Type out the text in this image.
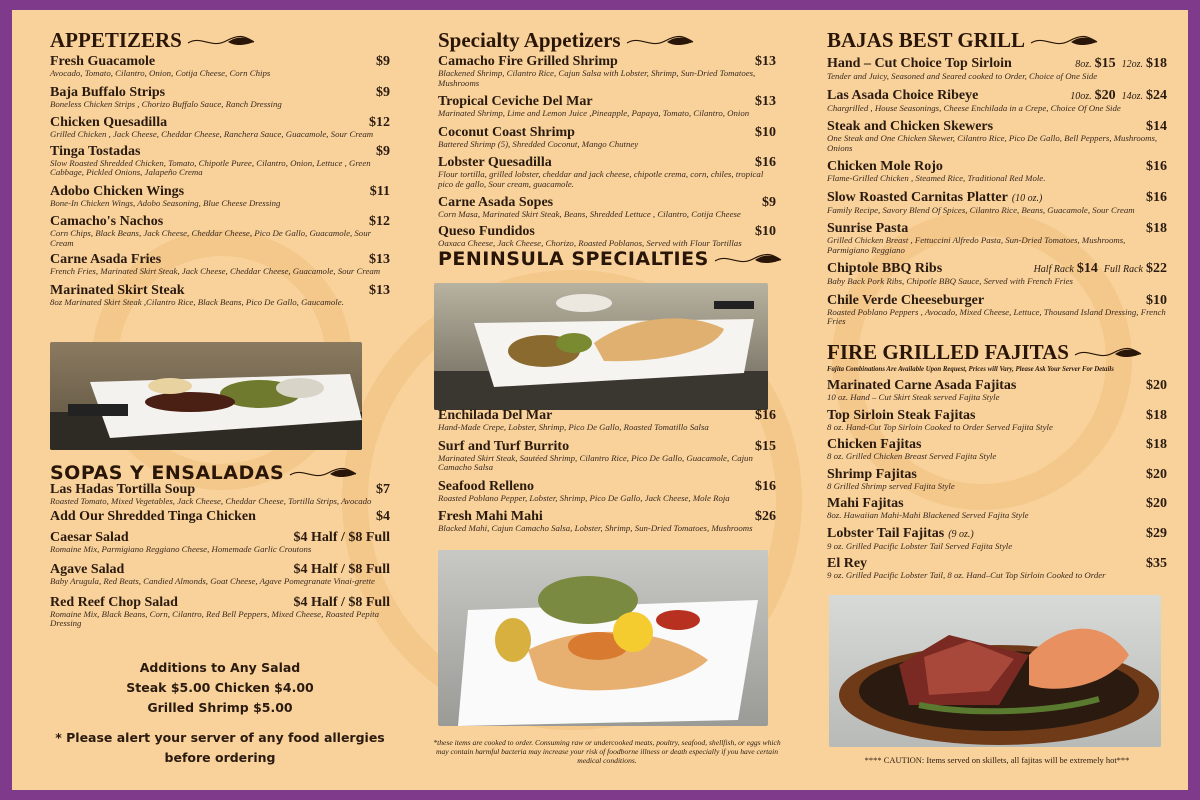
APPETIZERS
Fresh Guacamole	$9
Avocado, Tomato, Cilantro, Onion, Cotija Cheese, Corn Chips
Baja Buffalo Strips	$9
Boneless Chicken Strips , Chorizo Buffalo Sauce, Ranch Dressing
Chicken Quesadilla	$12
Grilled Chicken , Jack Cheese, Cheddar Cheese, Ranchera Sauce, Guacamole, Sour Cream
Tinga Tostadas	$9
Slow Roasted Shredded Chicken, Tomato, Chipotle Puree, Cilantro, Onion, Lettuce , Green Cabbage, Pickled Onions, Jalapeño Crema
Adobo Chicken Wings	$11
Bone-In Chicken Wings, Adobo Seasoning, Blue Cheese Dressing
Camacho's Nachos	$12
Corn Chips, Black Beans, Jack Cheese, Cheddar Cheese, Pico De Gallo, Guacamole, Sour Cream
Carne Asada Fries	$13
French Fries, Marinated Skirt Steak, Jack Cheese, Cheddar Cheese, Guacamole, Sour Cream
Marinated Skirt Steak	$13
8oz Marinated Skirt Steak ,Cilantro Rice, Black Beans, Pico De Gallo, Gaucamole.
SOPAS Y ENSALADAS
Las Hadas Tortilla Soup	$7
Roasted Tomato, Mixed Vegetables, Jack Cheese, Cheddar Cheese, Tortilla Strips, Avocado
Add Our Shredded Tinga Chicken	$4
Caesar Salad	$4 Half / $8 Full
Romaine Mix, Parmigiano Reggiano Cheese, Homemade Garlic Croutons
Agave Salad	$4 Half / $8 Full
Baby Arugula, Red Beats, Candied Almonds, Goat Cheese, Agave Pomegranate Vinai-grette
Red Reef Chop Salad	$4 Half / $8 Full
Romaine Mix, Black Beans, Corn, Cilantro, Red Bell Peppers, Mixed Cheese, Roasted Pepita Dressing
Additions to Any Salad
Steak $5.00 Chicken $4.00
Grilled Shrimp $5.00
* Please alert your server of any food allergies
before ordering
Specialty Appetizers
Camacho Fire Grilled Shrimp	$13
Blackened Shrimp, Cilantro Rice, Cajun Salsa with Lobster, Shrimp, Sun-Dried Tomatoes, Mushrooms
Tropical Ceviche Del Mar	$13
Marinated Shrimp, Lime and Lemon Juice ,Pineapple, Papaya, Tomato, Cilantro, Onion
Coconut Coast Shrimp	$10
Battered Shrimp (5), Shredded Coconut, Mango Chutney
Lobster Quesadilla	$16
Flour tortilla, grilled lobster, cheddar and jack cheese, chipotle crema, corn, chiles, tropical pico de gallo, Sour cream, guacamole.
Carne Asada Sopes	$9
Corn Masa, Marinated Skirt Steak, Beans, Shredded Lettuce , Cilantro, Cotija Cheese
Queso Fundidos	$10
Oaxaca Cheese, Jack Cheese, Chorizo, Roasted Poblanos, Served with Flour Tortillas
PENINSULA SPECIALTIES
Enchilada Del Mar	$16
Hand-Made Crepe, Lobster, Shrimp, Pico De Gallo, Roasted Tomatillo Salsa
Surf and Turf Burrito	$15
Marinated Skirt Steak, Sautéed Shrimp, Cilantro Rice, Pico De Gallo, Guacamole, Cajun Camacho Salsa
Seafood Relleno	$16
Roasted Poblano Pepper, Lobster, Shrimp, Pico De Gallo, Jack Cheese, Mole Roja
Fresh Mahi Mahi	$26
Blacked Mahi, Cajun Camacho Salsa, Lobster, Shrimp, Sun-Dried Tomatoes, Mushrooms
*these items are cooked to order. Consuming raw or undercooked meats, poultry, seafood, shellfish, or eggs which may contain harmful bacteria may increase your risk of foodborne illness or death especially if you have certain medical conditions.
BAJAS BEST GRILL
Hand – Cut Choice Top Sirloin	8oz. $15 12oz. $18
Tender and Juicy, Seasoned and Seared cooked to Order, Choice of One Side
Las Asada Choice Ribeye	10oz. $20 14oz. $24
Chargrilled , House Seasonings, Cheese Enchilada in a Crepe, Choice Of One Side
Steak and Chicken Skewers	$14
One Steak and One Chicken Skewer, Cilantro Rice, Pico De Gallo, Bell Peppers, Mushrooms, Onions
Chicken Mole Rojo	$16
Flame-Grilled Chicken , Steamed Rice, Traditional Red Mole.
Slow Roasted Carnitas Platter (10 oz.)	$16
Family Recipe, Savory Blend Of Spices, Cilantro Rice, Beans, Guacamole, Sour Cream
Sunrise Pasta	$18
Grilled Chicken Breast , Fettuccini Alfredo Pasta, Sun-Dried Tomatoes, Mushrooms, Parmigiano Reggiano
Chiptole BBQ Ribs	Half Rack $14 Full Rack $22
Baby Back Pork Ribs, Chipotle BBQ Sauce, Served with French Fries
Chile Verde Cheeseburger	$10
Roasted Poblano Peppers , Avocado, Mixed Cheese, Lettuce, Thousand Island Dressing, French Fries
FIRE GRILLED FAJITAS
Fajita Combinations Are Available Upon Request, Prices will Vary, Please Ask Your Server For Details
Marinated Carne Asada Fajitas	$20
10 oz. Hand – Cut Skirt Steak served Fajita Style
Top Sirloin Steak Fajitas	$18
8 oz. Hand-Cut Top Sirloin Cooked to Order Served Fajita Style
Chicken Fajitas	$18
8 oz. Grilled Chicken Breast Served Fajita Style
Shrimp Fajitas	$20
8 Grilled Shrimp served Fajita Style
Mahi Fajitas	$20
8oz. Hawaiian Mahi-Mahi Blackened Served Fajita Style
Lobster Tail Fajitas (9 oz.)	$29
9 oz. Grilled Pacific Lobster Tail Served Fajita Style
El Rey	$35
9 oz. Grilled Pacific Lobster Tail, 8 oz. Hand–Cut Top Sirloin Cooked to Order
**** CAUTION: Items served on skillets, all fajitas will be extremely hot***
